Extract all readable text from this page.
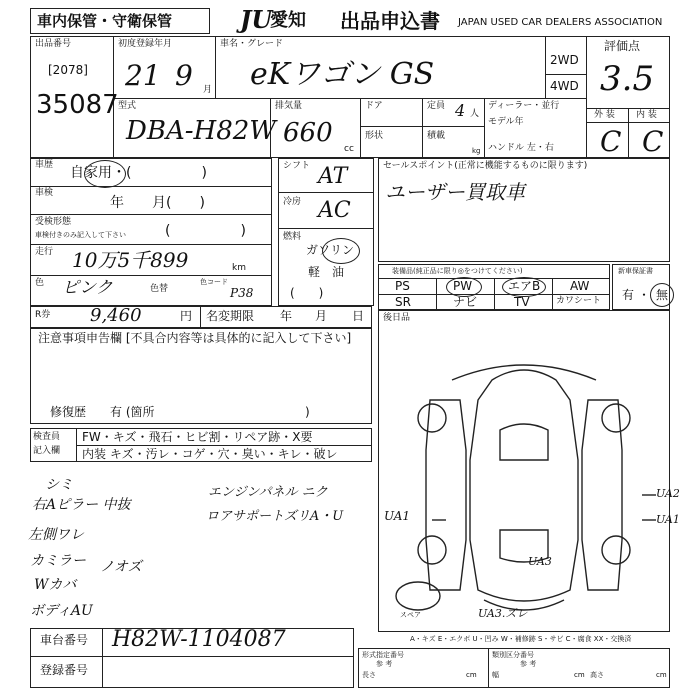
車内保管・守衛保管	JU
愛知 出品申込書 JAPAN USED CAR DEALERS ASSOCIATION
出品番号
[2078]
35087
初度登録年月
21 9 月
車名・グレード
eKワゴン GS	2WD
4WD
評価点
3.5
型式
DBA-H82W
排気量
660
cc
ドア
形状
定員 4 人
積載
kg
ディーラー・並行
モデル年
ハンドル 左・右
外 装 内 装
C C
車歴 自家用・(　　　　　)
車検
年　　月(　　)
受検形態
車検付きのみ記入して下さい	(　　　　　)
走行 10万5千899	km
色 ピンク	色替
色コード
P38
R券 9,460	円 名変期限 年 月 日
シフト AT
冷房 AC
燃料
ガソリン
軽　油
(　　)
セールスポイント(正常に機能するものに限ります)
ユーザー買取車
装備品(純正品に限り◎をつけてください)
PS	PW	エアB AW
SR	ナビ	TV	カワシート
新車保証書
有 ・ 無
注意事項申告欄 [不具合内容等は具体的に記入して下さい]
修復歴 有 (箇所	)
後日品
検査員
記入欄
FW・キズ・飛石・ヒビ割・リペア跡・X要
内装 キズ・汚レ・コゲ・穴・臭い・キレ・破レ
シミ
右Aピラー 中抜
左側ワレ
カミラー ノオズ
Wカバ
ボディAU
エンジンパネル ニク
ロアサポートズリA・U	UA1
UA2
UA1
UA3
UA3.ズレ
スペア
A・キズ E・エクボ U・凹み W・補修跡 S・サビ C・腐食 XX・交換済
車台番号 H82W-1104087
登録番号
形式指定番号
参 考
類別区分番号
参 考
長さ	cm 幅	cm 高さ	cm
